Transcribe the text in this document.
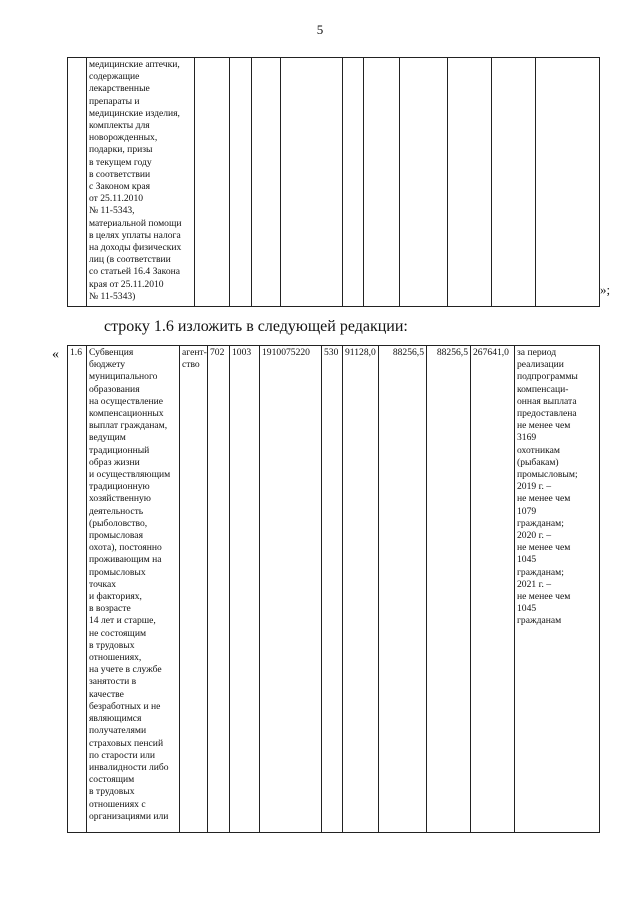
5
	медицинские аптечки,
содержащие
лекарственные
препараты и
медицинские изделия,
комплекты для
новорожденных,
подарки, призы
в текущем году
в соответствии
с Законом края
от 25.11.2010
№ 11-5343,
материальной помощи
в целях уплаты налога
на доходы физических
лиц (в соответствии
со статьей 16.4 Закона
края от 25.11.2010
№ 11-5343)											»;
строку 1.6 изложить в следующей редакции:
« 1.6	Субвенция
бюджету
муниципального
образования
на осуществление
компенсационных
выплат гражданам,
ведущим
традиционный
образ жизни
и осуществляющим
традиционную
хозяйственную
деятельность
(рыболовство,
промысловая
охота), постоянно
проживающим на
промысловых
точках
и факториях,
в возрасте
14 лет и старше,
не состоящим
в трудовых
отношениях,
на учете в службе
занятости в
качестве
безработных и не
являющимся
получателями
страховых пенсий
по старости или
инвалидности либо
состоящим
в трудовых
отношениях с
организациями или	агент-
ство	702	1003	1910075220	530	91128,0	88256,5	88256,5	267641,0	за период
реализации
подпрограммы
компенсаци-
онная выплата
предоставлена
не менее чем
3169
охотникам
(рыбакам)
промысловым;
2019 г. –
не менее чем
1079
гражданам;
2020 г. –
не менее чем
1045
гражданам;
2021 г. –
не менее чем
1045
гражданам
